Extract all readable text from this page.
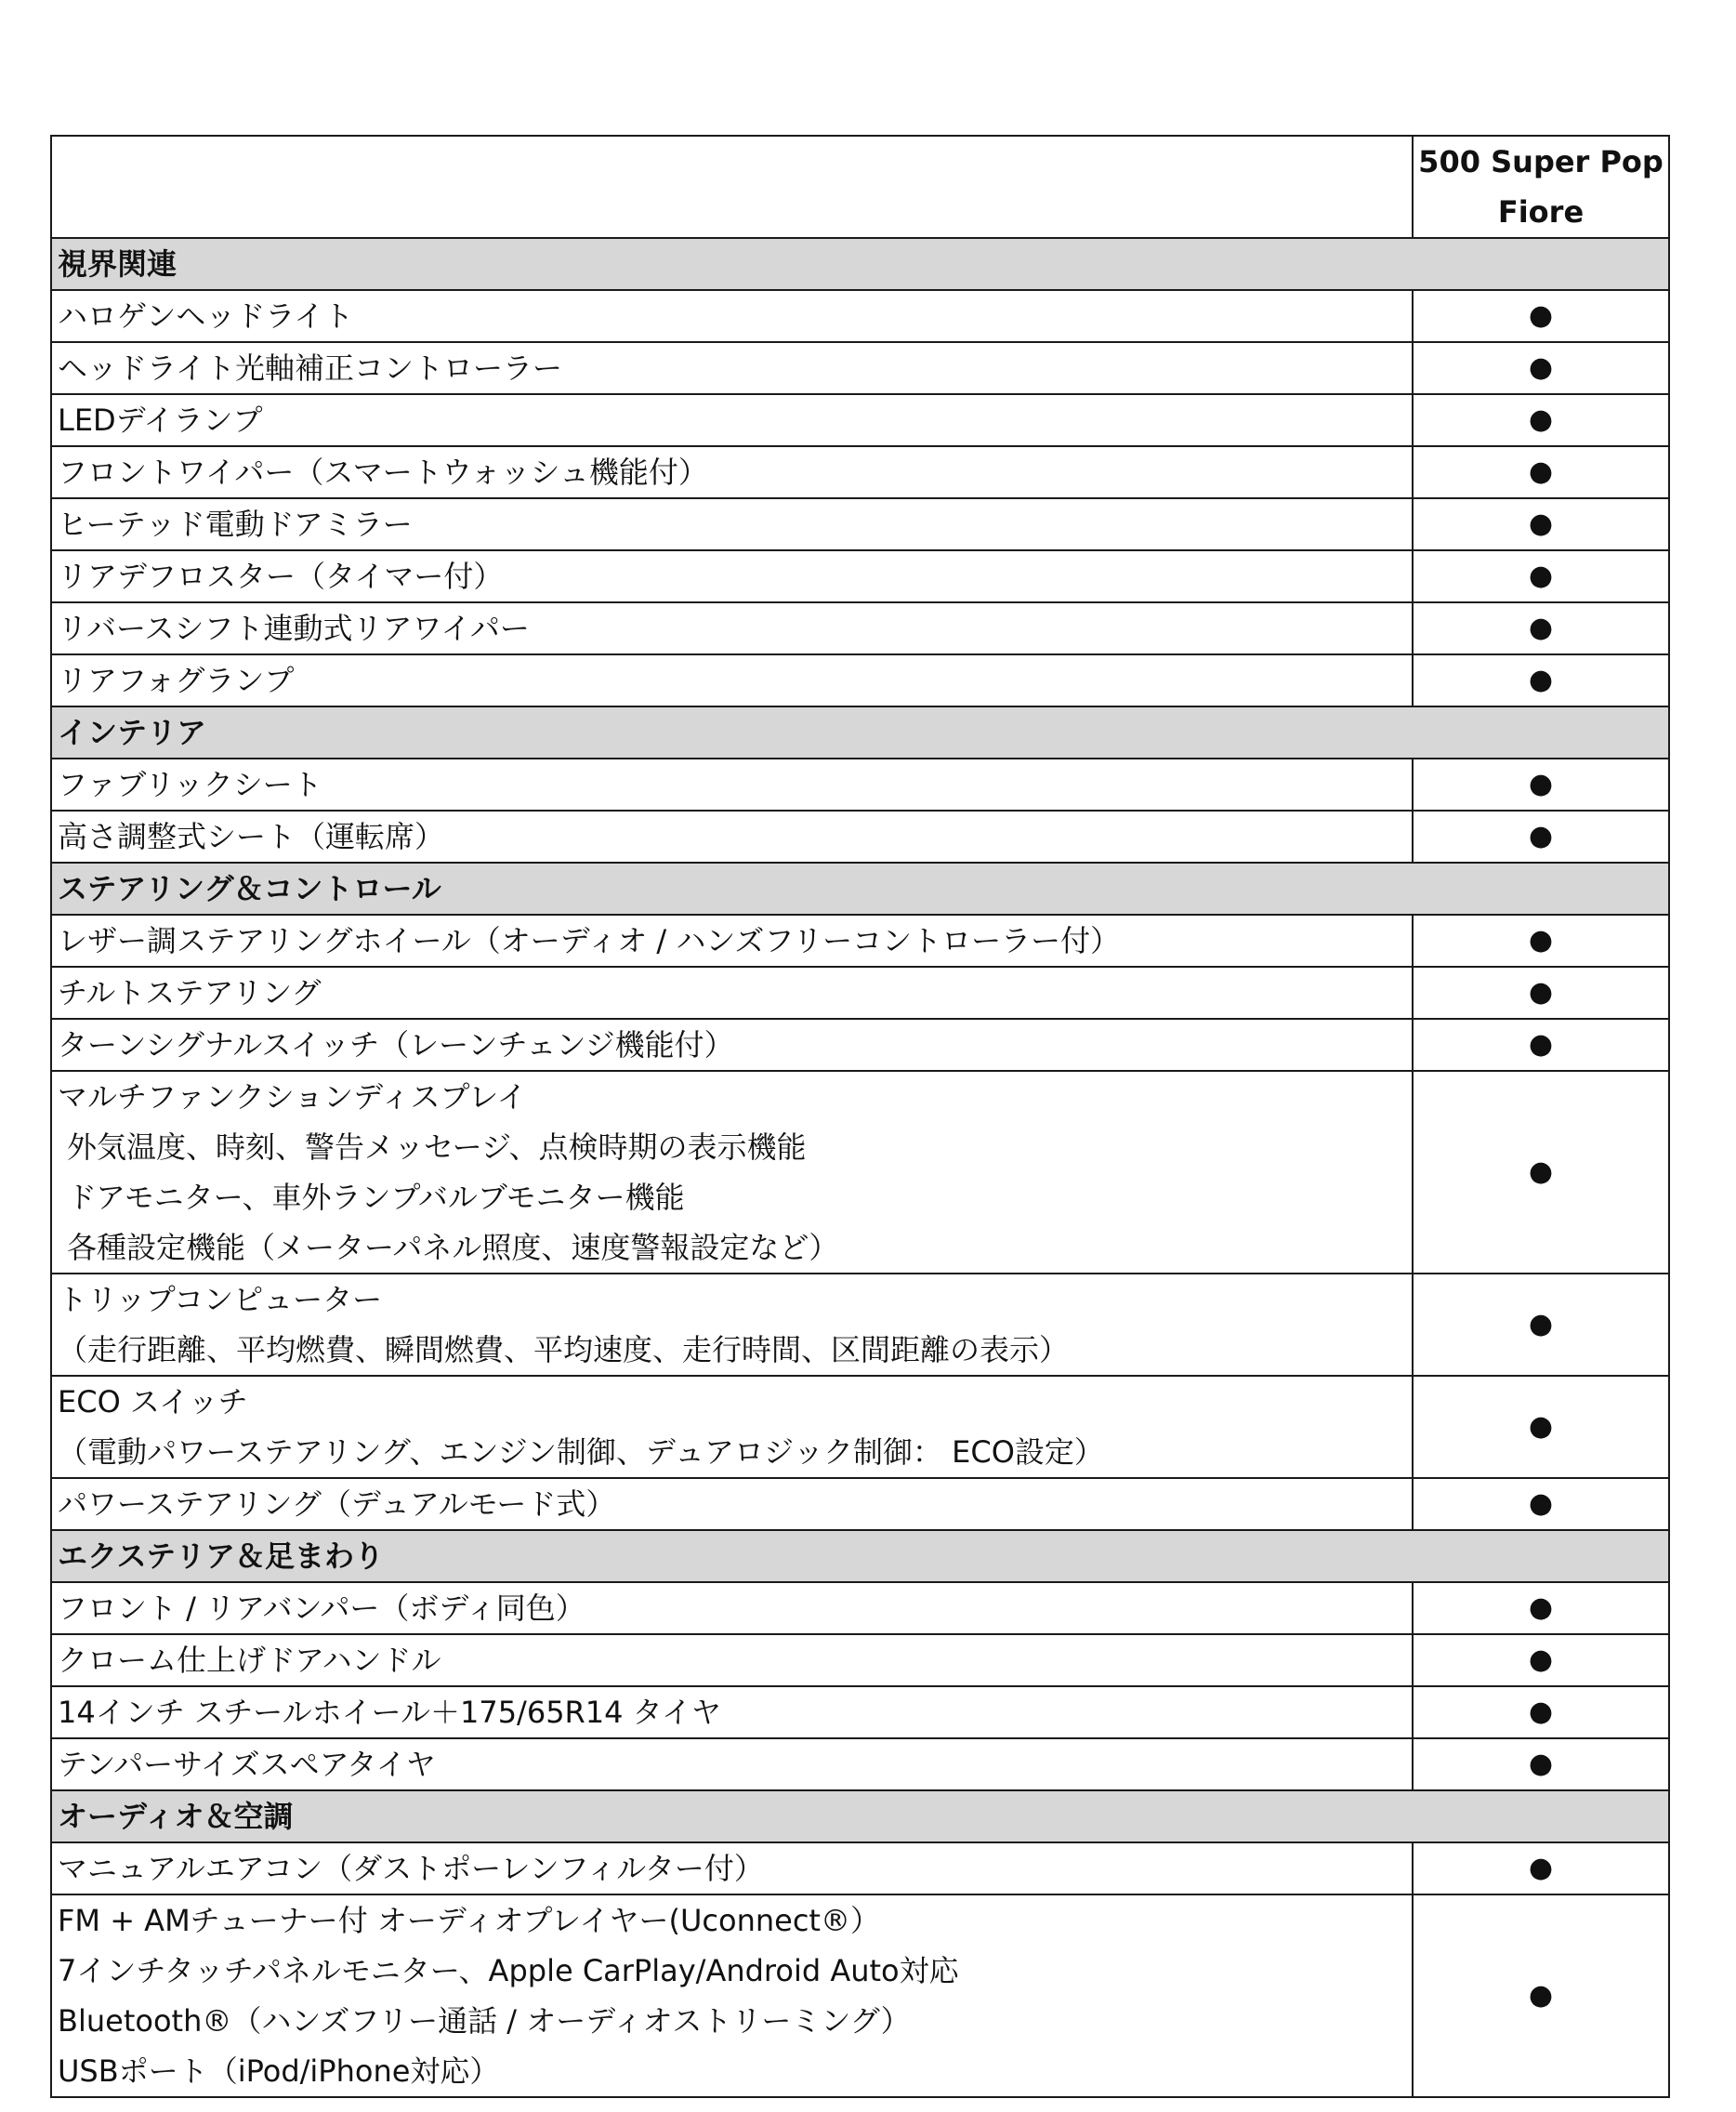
	500 Super Pop
Fiore

視界関連	

ハロゲンヘッドライト	●

ヘッドライト光軸補正コントローラー	●

LEDデイランプ	●

フロントワイパー（スマートウォッシュ機能付）	●

ヒーテッド電動ドアミラー	●

リアデフロスター（タイマー付）	●

リバースシフト連動式リアワイパー	●

リアフォグランプ	●
インテリア	

ファブリックシート	●

高さ調整式シート（運転席）	●
ステアリング＆コントロール	

レザー調ステアリングホイール（オーディオ / ハンズフリーコントローラー付）	●

チルトステアリング	●

ターンシグナルスイッチ（レーンチェンジ機能付）	●

マルチファンクションディスプレイ
外気温度、時刻、警告メッセージ、点検時期の表示機能
ドアモニター、車外ランプバルブモニター機能
各種設定機能（メーターパネル照度、速度警報設定など）	●

トリップコンピューター
（走行距離、平均燃費、瞬間燃費、平均速度、走行時間、区間距離の表示）	●

ECO スイッチ
（電動パワーステアリング、エンジン制御、デュアロジック制御： ECO設定）	●

パワーステアリング（デュアルモード式）	●
エクステリア＆足まわり	

フロント / リアバンパー（ボディ同色）	●

クローム仕上げドアハンドル	●

14インチ スチールホイール＋175/65R14 タイヤ	●

テンパーサイズスペアタイヤ	●
オーディオ＆空調	

マニュアルエアコン（ダストポーレンフィルター付）	●

FM + AMチューナー付 オーディオプレイヤー(Uconnect®）
7インチタッチパネルモニター、Apple CarPlay/Android Auto対応
Bluetooth®（ハンズフリー通話 / オーディオストリーミング）
USBポート（iPod/iPhone対応）	●
